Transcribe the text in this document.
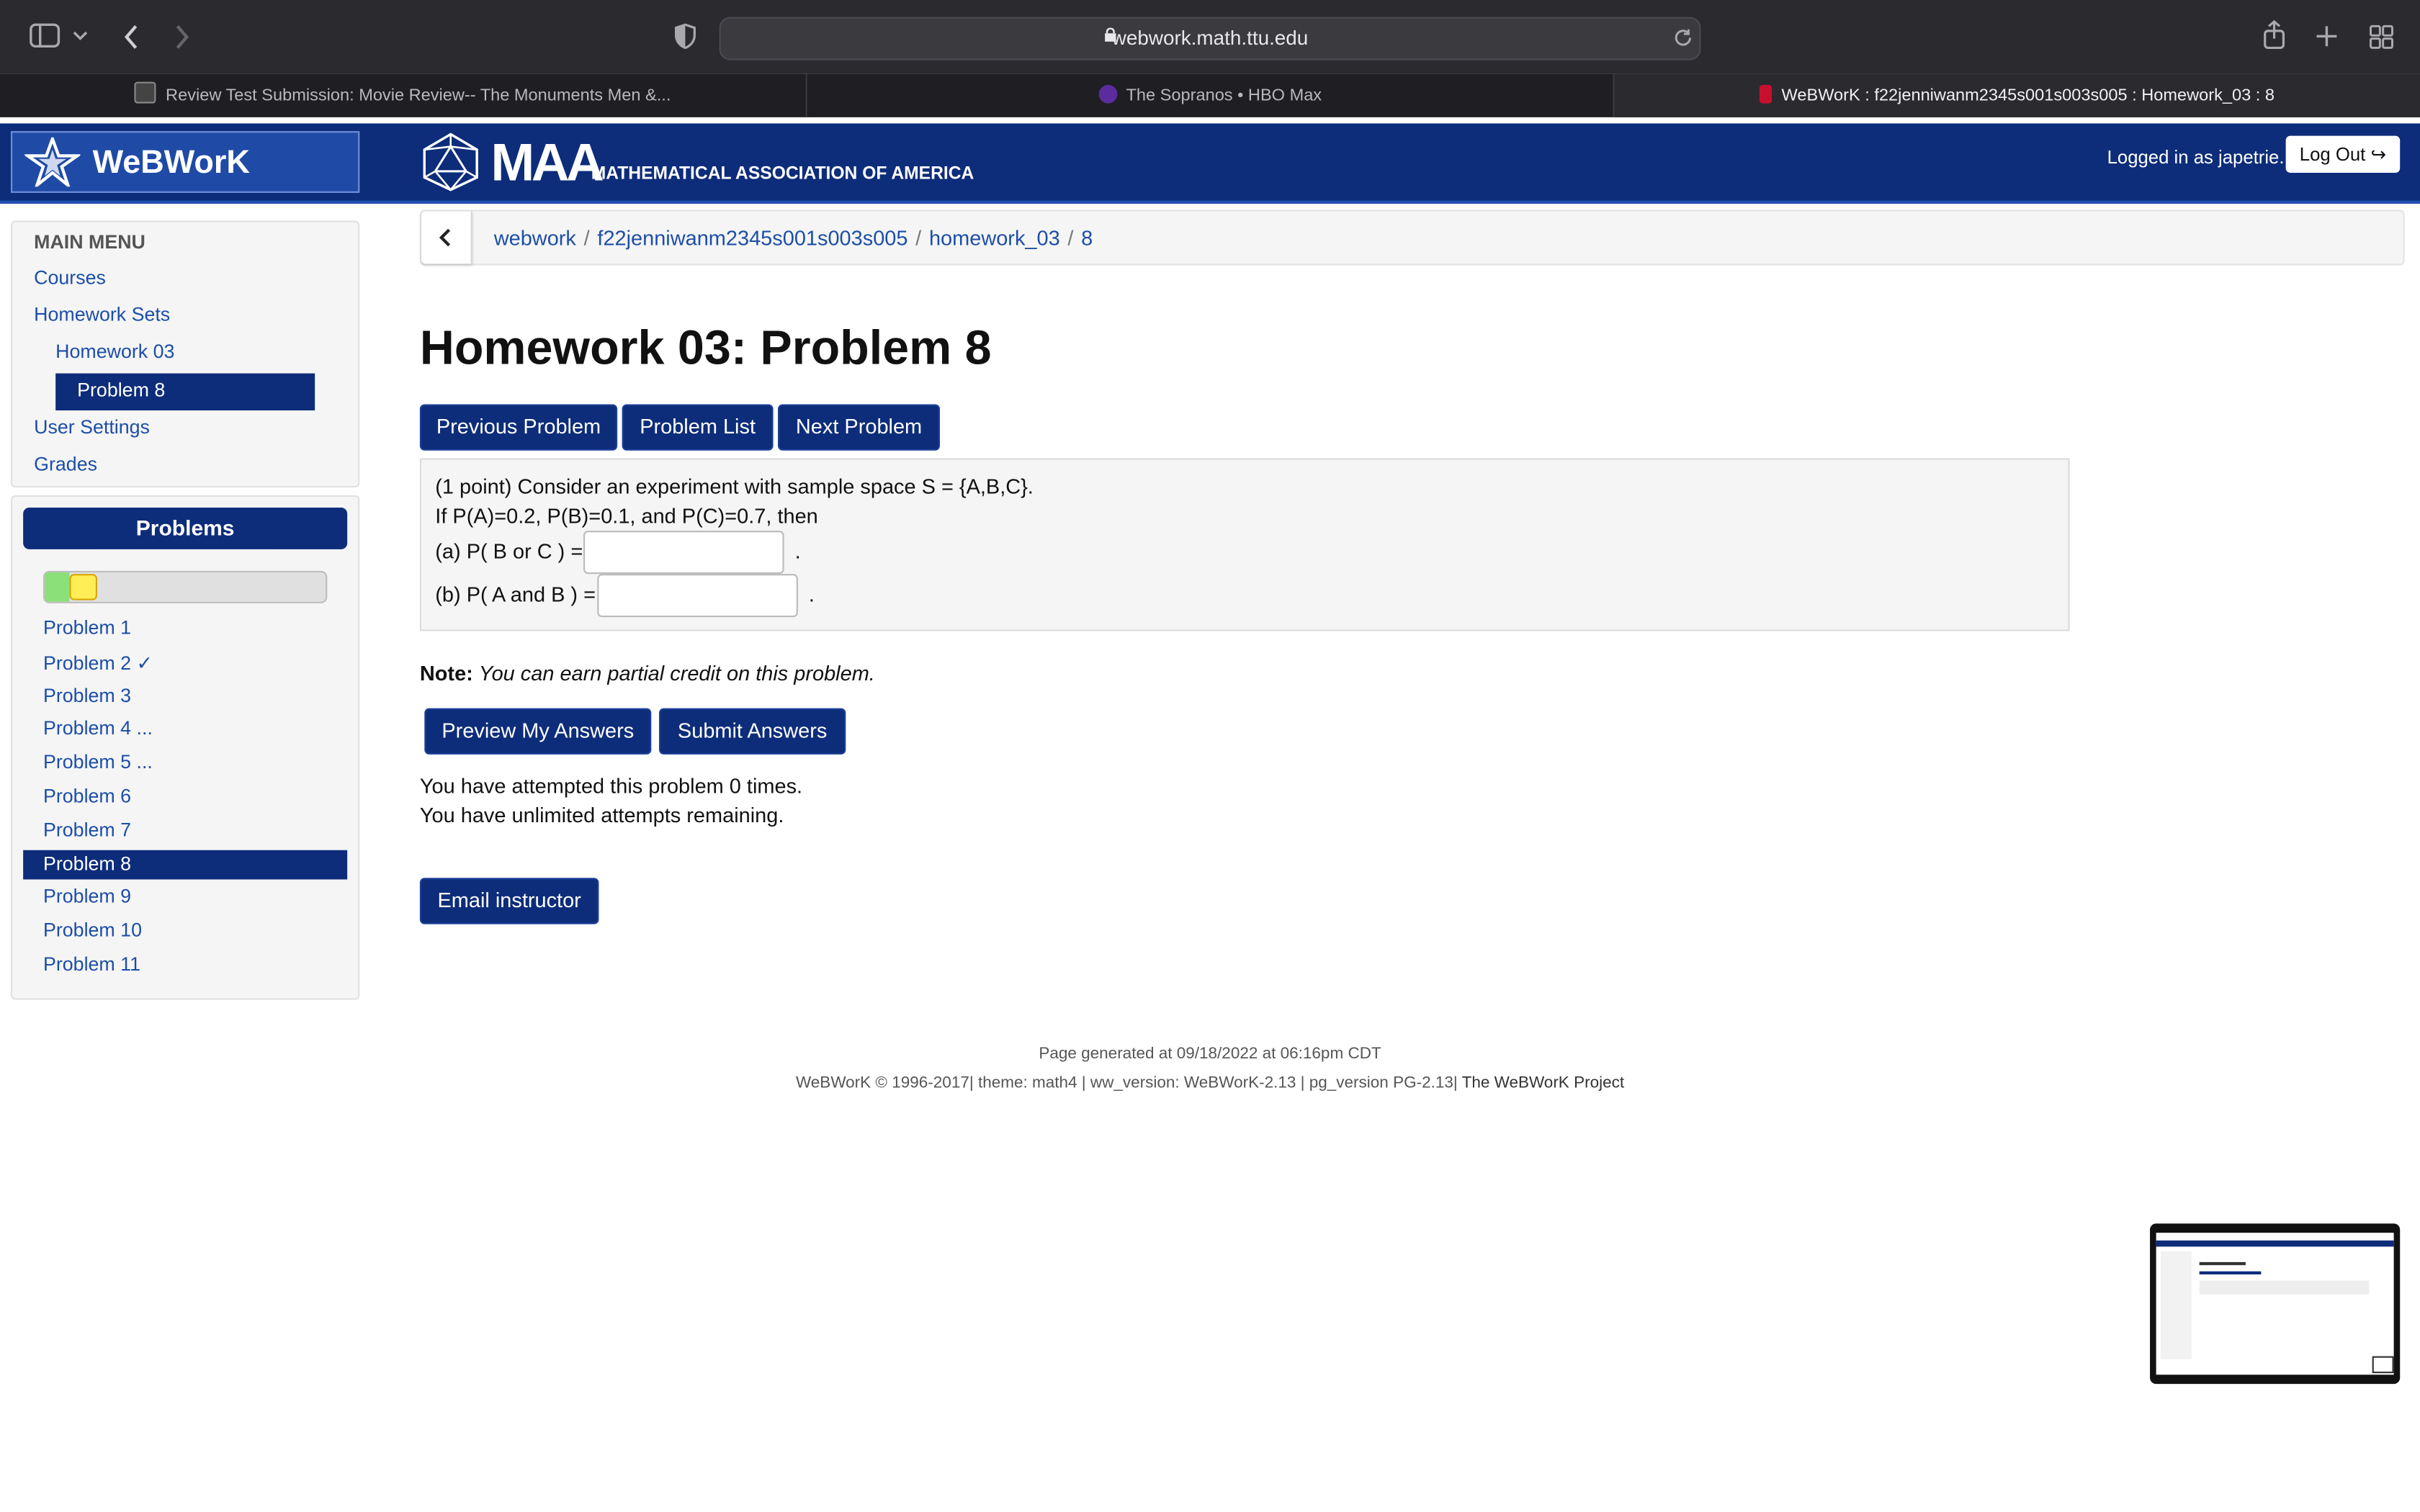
webwork.math.ttu.edu
Review Test Submission: Movie Review-- The Monuments Men &...	The Sopranos • HBO Max	WeBWorK : f22jenniwanm2345s001s003s005 : Homework_03 : 8
WeBWorK	MAA
MATHEMATICAL ASSOCIATION OF AMERICA
Logged in as japetrie.	Log Out ↪
MAIN MENU
Courses
Homework Sets
Homework 03
Problem 8
User Settings
Grades
Problems
Problem 1
Problem 2 ✓
Problem 3
Problem 4 ...
Problem 5 ...
Problem 6
Problem 7
Problem 8
Problem 9
Problem 10
Problem 11
webwork / f22jenniwanm2345s001s003s005 / homework_03 / 8
Homework 03: Problem 8
Previous Problem	Problem List	Next Problem
(1 point) Consider an experiment with sample space S = {A,B,C}.
If P(A)=0.2, P(B)=0.1, and P(C)=0.7, then
(a) P( B or C ) =	.
(b) P( A and B ) =	.
Note: You can earn partial credit on this problem.
Preview My Answers	Submit Answers
You have attempted this problem 0 times.
You have unlimited attempts remaining.
Email instructor
Page generated at 09/18/2022 at 06:16pm CDT
WeBWorK © 1996-2017| theme: math4 | ww_version: WeBWorK-2.13 | pg_version PG-2.13| The WeBWorK Project
